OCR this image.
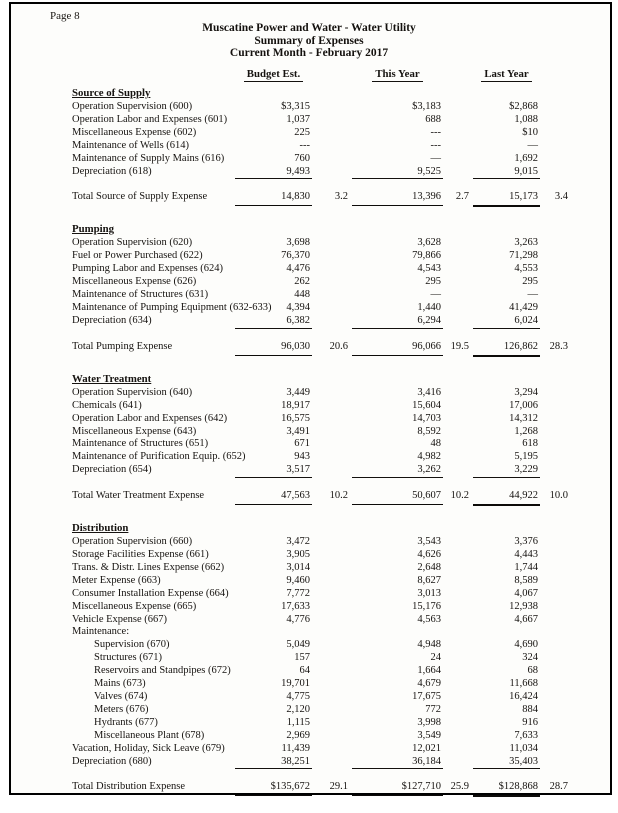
Page 8
Muscatine Power and Water - Water Utility
Summary of Expenses
Current Month - February 2017
Budget Est.	This Year	Last Year
Source of Supply
Operation Supervision (600)	$3,315	$3,183	$2,868
Operation Labor and Expenses (601)	1,037	688	1,088
Miscellaneous Expense (602)	225	---	$10
Maintenance of Wells (614)	---	---	—
Maintenance of Supply Mains (616)	760	—	1,692
Depreciation (618)	9,493	9,525	9,015
Total Source of Supply Expense	14,830	3.2	13,396	2.7	15,173	3.4
Pumping
Operation Supervision (620)	3,698	3,628	3,263
Fuel or Power Purchased (622)	76,370	79,866	71,298
Pumping Labor and Expenses (624)	4,476	4,543	4,553
Miscellaneous Expense (626)	262	295	295
Maintenance of Structures (631)	448	—	—
Maintenance of Pumping Equipment (632-633)	4,394	1,440	41,429
Depreciation (634)	6,382	6,294	6,024
Total Pumping Expense	96,030	20.6	96,066 19.5	126,862	28.3
Water Treatment
Operation Supervision (640)	3,449	3,416	3,294
Chemicals (641)	18,917	15,604	17,006
Operation Labor and Expenses (642)	16,575	14,703	14,312
Miscellaneous Expense (643)	3,491	8,592	1,268
Maintenance of Structures (651)	671	48	618
Maintenance of Purification Equip. (652)	943	4,982	5,195
Depreciation (654)	3,517	3,262	3,229
Total Water Treatment Expense	47,563	10.2	50,607 10.2	44,922	10.0
Distribution
Operation Supervision (660)	3,472	3,543	3,376
Storage Facilities Expense (661)	3,905	4,626	4,443
Trans. & Distr. Lines Expense (662)	3,014	2,648	1,744
Meter Expense (663)	9,460	8,627	8,589
Consumer Installation Expense (664)	7,772	3,013	4,067
Miscellaneous Expense (665)	17,633	15,176	12,938
Vehicle Expense (667)	4,776	4,563	4,667
Maintenance:
Supervision (670)	5,049	4,948	4,690
Structures (671)	157	24	324
Reservoirs and Standpipes (672)	64	1,664	68
Mains (673)	19,701	4,679	11,668
Valves (674)	4,775	17,675	16,424
Meters (676)	2,120	772	884
Hydrants (677)	1,115	3,998	916
Miscellaneous Plant (678)	2,969	3,549	7,633
Vacation, Holiday, Sick Leave (679)	11,439	12,021	11,034
Depreciation (680)	38,251	36,184	35,403
Total Distribution Expense	$135,672	29.1	$127,710 25.9	$128,868	28.7
